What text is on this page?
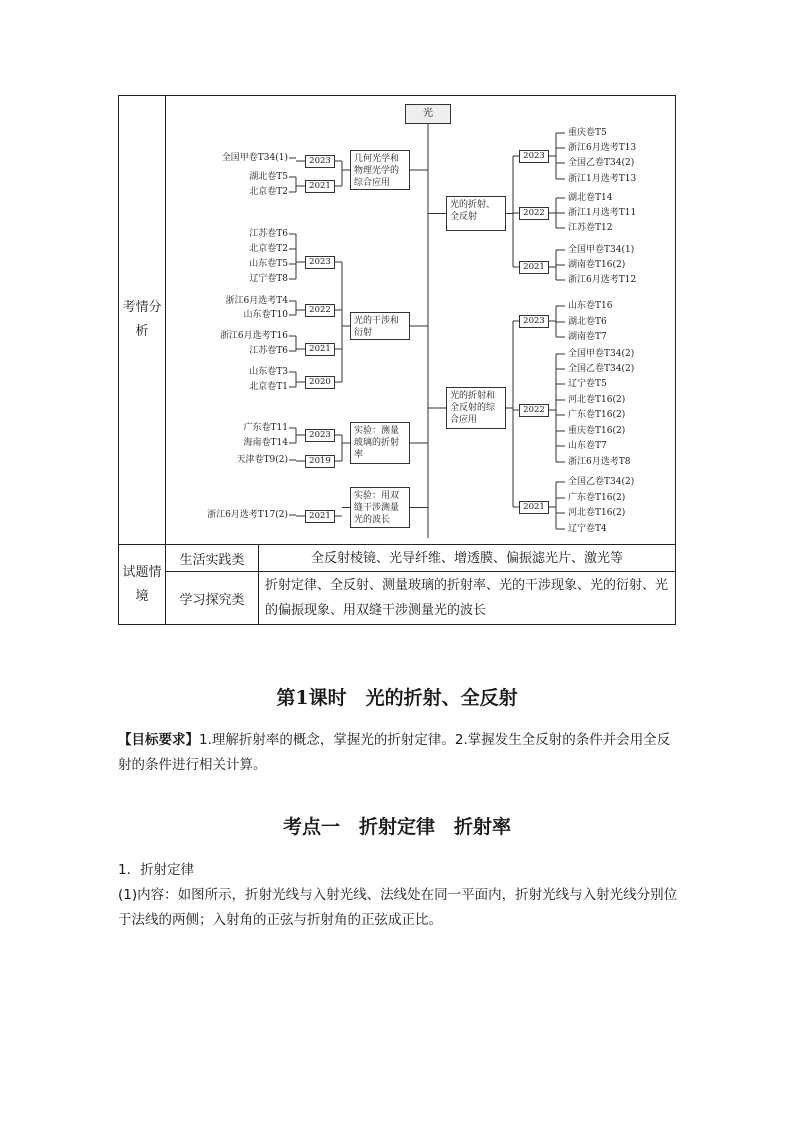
考情分析		
试题情境	生活实践类	全反射棱镜、光导纤维、增透膜、偏振滤光片、激光等
	学习探究类	折射定律、全反射、测量玻璃的折射率、光的干涉现象、光的衍射、光的偏振现象、用双缝干涉测量光的波长
光
几何光学和物理光学的综合应用
2023
全国甲卷T34(1)
2021
湖北卷T5
北京卷T2
光的干涉和衍射
2023
江苏卷T6
北京卷T2
山东卷T5
辽宁卷T8
2022
浙江6月选考T4
山东卷T10
2021
浙江6月选考T16
江苏卷T6
2020
山东卷T3
北京卷T1
实验：测量玻璃的折射率
2023
广东卷T11
海南卷T14
2019
天津卷T9(2)
实验：用双缝干涉测量光的波长
2021
浙江6月选考T17(2)
光的折射、全反射
2023
重庆卷T5
浙江6月选考T13
全国乙卷T34(2)
浙江1月选考T13
2022
湖北卷T14
浙江1月选考T11
江苏卷T12
2021
全国甲卷T34(1)
湖南卷T16(2)
浙江6月选考T12
光的折射和全反射的综合应用
2023
山东卷T16
湖北卷T6
湖南卷T7
2022
全国甲卷T34(2)
全国乙卷T34(2)
辽宁卷T5
河北卷T16(2)
广东卷T16(2)
重庆卷T16(2)
山东卷T7
浙江6月选考T8
2021
全国乙卷T34(2)
广东卷T16(2)
河北卷T16(2)
辽宁卷T4
第1课时　光的折射、全反射
【目标要求】1.理解折射率的概念，掌握光的折射定律。2.掌握发生全反射的条件并会用全反射的条件进行相关计算。
考点一　折射定律　折射率
1．折射定律
(1)内容：如图所示，折射光线与入射光线、法线处在同一平面内，折射光线与入射光线分别位于法线的两侧；入射角的正弦与折射角的正弦成正比。
